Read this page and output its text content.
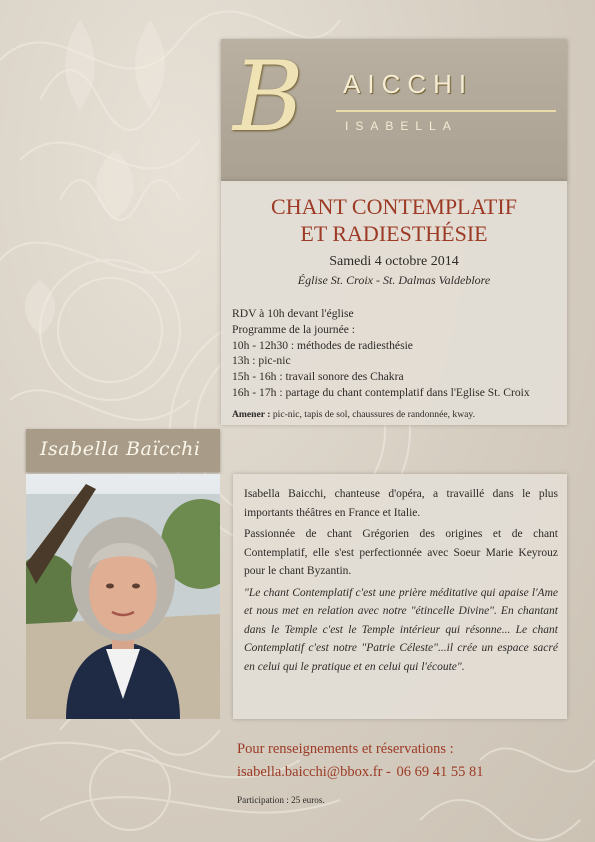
B AICCHI
ISABELLA
CHANT CONTEMPLATIF
ET RADIESTHÉSIE
Samedi 4 octobre 2014
Église St. Croix - St. Dalmas Valdeblore
RDV à 10h devant l'église
Programme de la journée :
10h - 12h30 : méthodes de radiesthésie
13h : pic-nic
15h - 16h : travail sonore des Chakra
16h - 17h : partage du chant contemplatif dans l'Eglise St. Croix
Amener : pic-nic, tapis de sol, chaussures de randonnée, kway.
Isabella Baïcchi

Isabella Baicchi, chanteuse d'opéra, a travaillé dans le plus importants théâtres en France et Italie.

Passionnée de chant Grégorien des origines et de chant Contemplatif, elle s'est perfectionnée avec Soeur Marie Keyrouz pour le chant Byzantin.

"Le chant Contemplatif c'est une prière méditative qui apaise l'Ame et nous met en relation avec notre "étincelle Divine". En chantant dans le Temple c'est le Temple intérieur qui résonne... Le chant Contemplatif c'est notre "Patrie Céleste"...il crée un espace sacré en celui qui le pratique et en celui qui l'écoute".

Pour renseignements et réservations :
isabella.baicchi@bbox.fr - 06 69 41 55 81
Participation : 25 euros.
